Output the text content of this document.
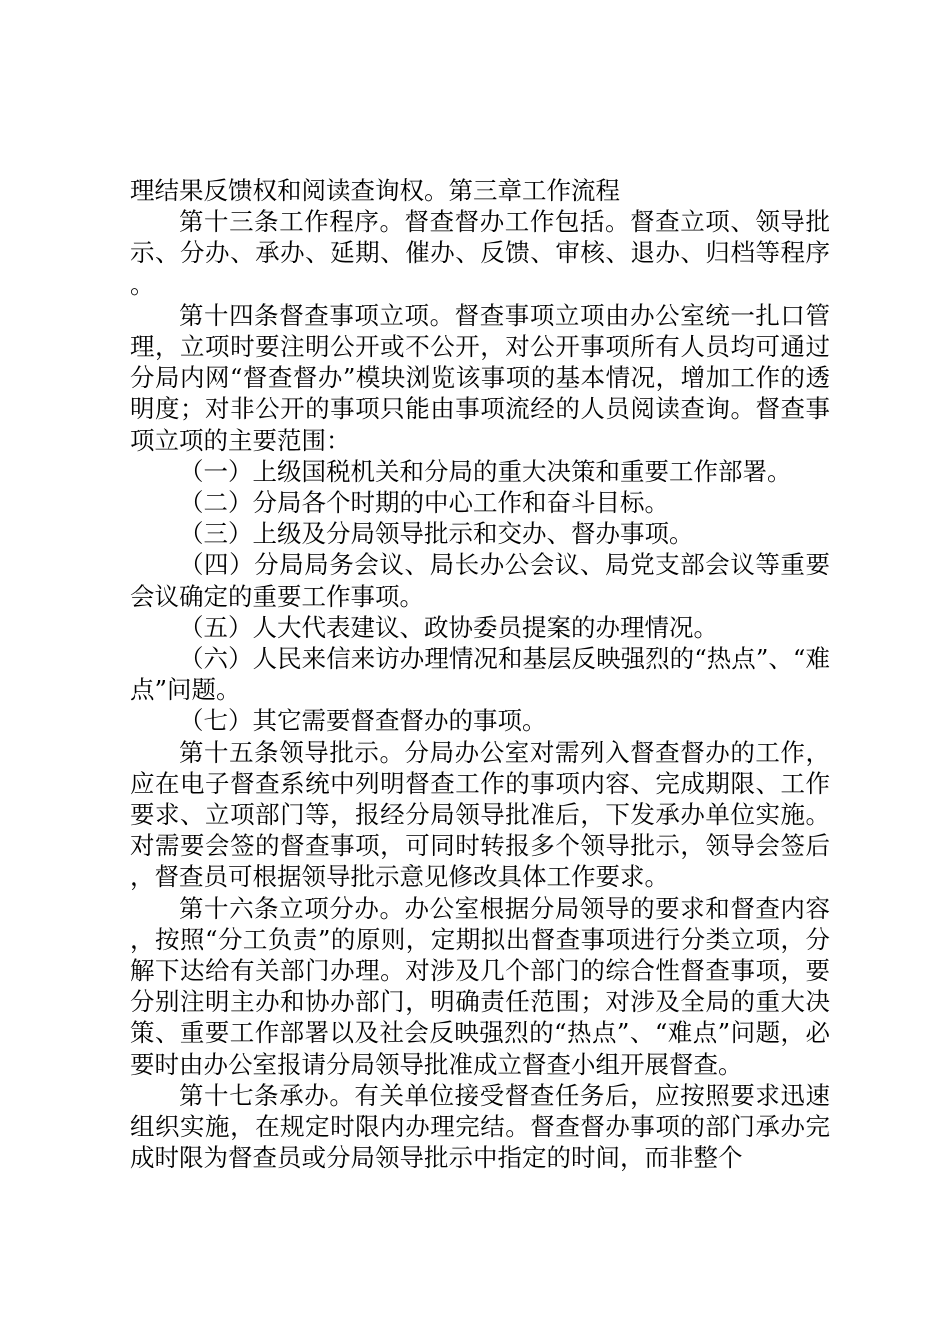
理结果反馈权和阅读查询权。第三章工作流程

第十三条工作程序。督查督办工作包括。督查立项、领导批示、分办、承办、延期、催办、反馈、审核、退办、归档等程序。

第十四条督查事项立项。督查事项立项由办公室统一扎口管理，立项时要注明公开或不公开，对公开事项所有人员均可通过分局内网“督查督办”模块浏览该事项的基本情况，增加工作的透明度；对非公开的事项只能由事项流经的人员阅读查询。督查事项立项的主要范围：

（一）上级国税机关和分局的重大决策和重要工作部署。

（二）分局各个时期的中心工作和奋斗目标。

（三）上级及分局领导批示和交办、督办事项。

（四）分局局务会议、局长办公会议、局党支部会议等重要会议确定的重要工作事项。

（五）人大代表建议、政协委员提案的办理情况。

（六）人民来信来访办理情况和基层反映强烈的“热点”、“难点”问题。

（七）其它需要督查督办的事项。

第十五条领导批示。分局办公室对需列入督查督办的工作，应在电子督查系统中列明督查工作的事项内容、完成期限、工作要求、立项部门等，报经分局领导批准后，下发承办单位实施。对需要会签的督查事项，可同时转报多个领导批示，领导会签后，督查员可根据领导批示意见修改具体工作要求。

第十六条立项分办。办公室根据分局领导的要求和督查内容，按照“分工负责”的原则，定期拟出督查事项进行分类立项，分解下达给有关部门办理。对涉及几个部门的综合性督查事项，要分别注明主办和协办部门，明确责任范围；对涉及全局的重大决策、重要工作部署以及社会反映强烈的“热点”、“难点”问题，必要时由办公室报请分局领导批准成立督查小组开展督查。

第十七条承办。有关单位接受督查任务后，应按照要求迅速组织实施，在规定时限内办理完结。督查督办事项的部门承办完成时限为督查员或分局领导批示中指定的时间，而非整个
